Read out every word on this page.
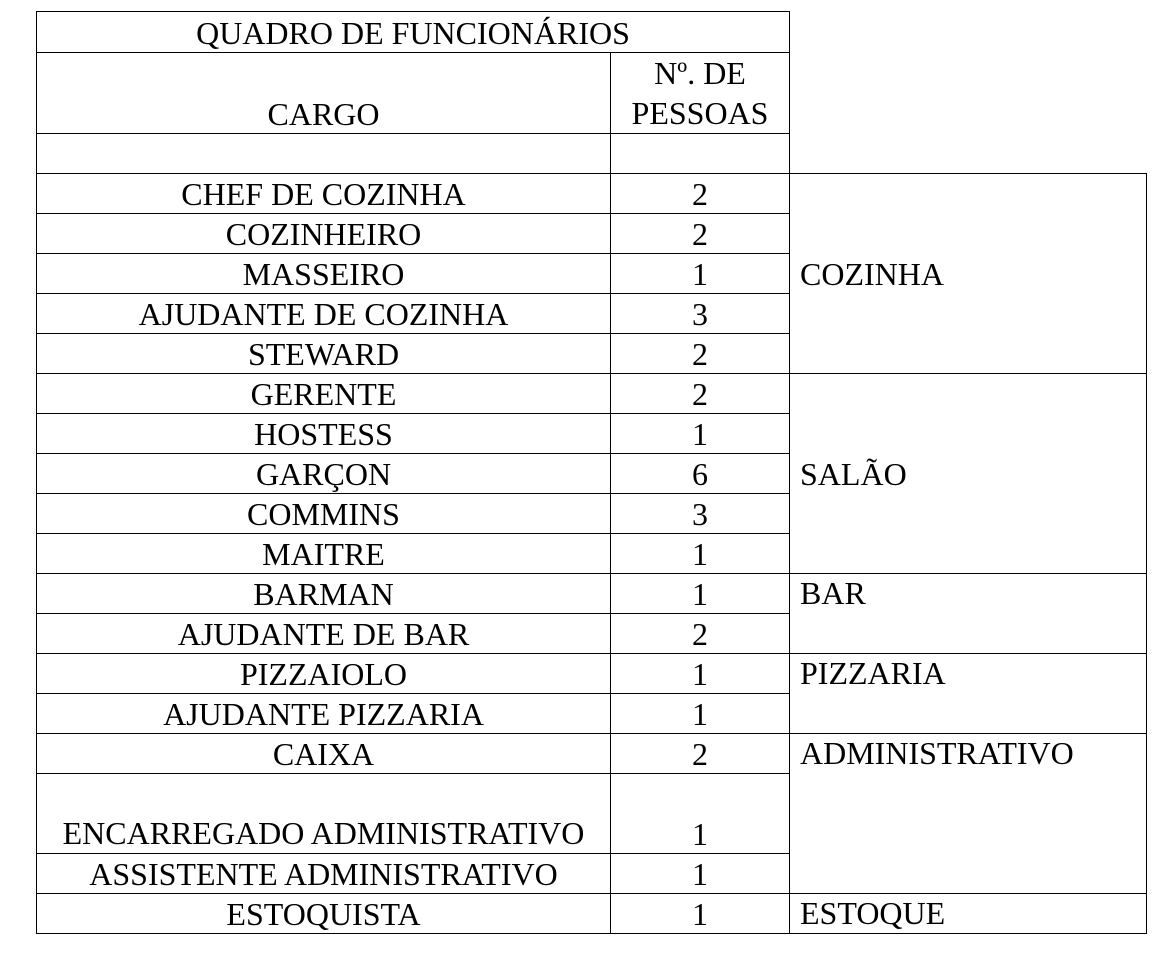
QUADRO DE FUNCIONÁRIOS		
CARGO	Nº. DE PESSOAS	

CHEF DE COZINHA	2	COZINHA
COZINHEIRO	2	
MASSEIRO	1	
AJUDANTE DE COZINHA	3	
STEWARD	2	
GERENTE	2	SALÃO
HOSTESS	1	
GARÇON	6	
COMMINS	3	
MAITRE	1	
BARMAN	1	BAR
AJUDANTE DE BAR	2	
PIZZAIOLO	1	PIZZARIA
AJUDANTE PIZZARIA	1	
CAIXA	2	ADMINISTRATIVO
ENCARREGADO ADMINISTRATIVO	1	
ASSISTENTE ADMINISTRATIVO	1	
ESTOQUISTA	1	ESTOQUE
